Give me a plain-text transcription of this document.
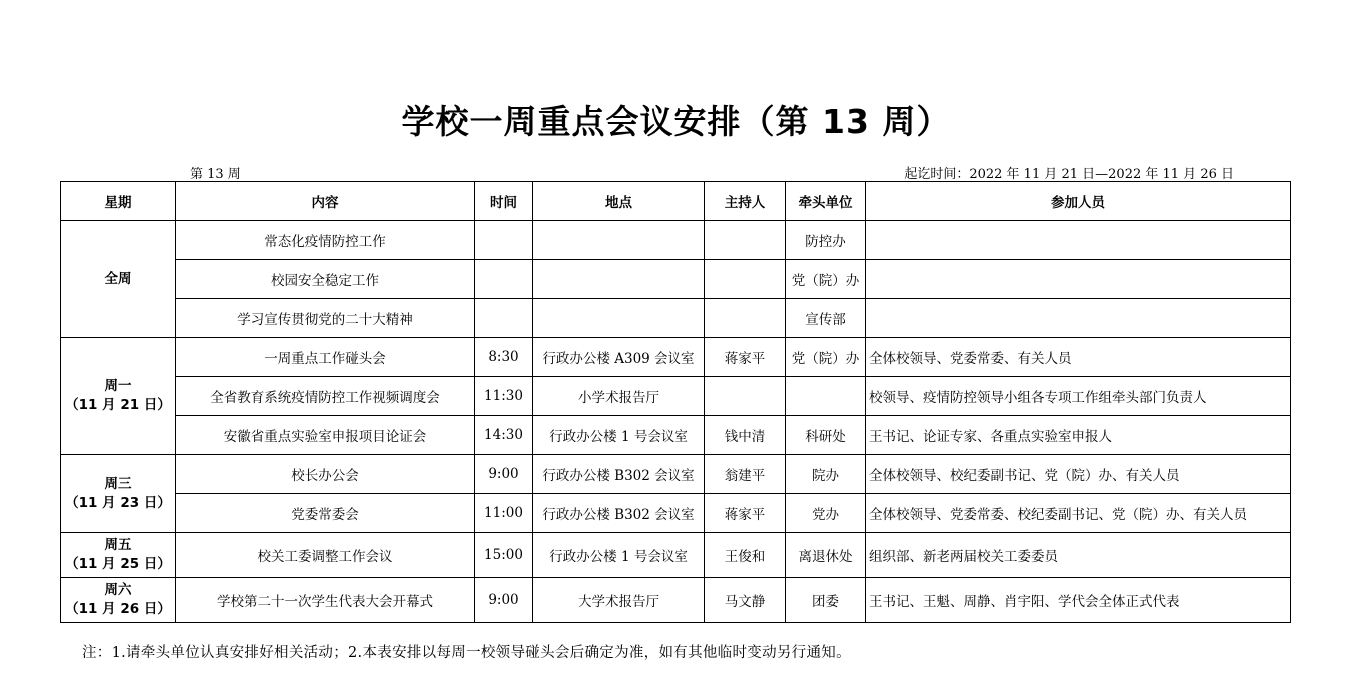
学校一周重点会议安排（第 13 周）
第 13 周	起讫时间：2022 年 11 月 21 日—2022 年 11 月 26 日
星期	内容	时间	地点	主持人	牵头单位	参加人员

全周	常态化疫情防控工作				防控办	
	校园安全稳定工作				党（院）办	
	学习宣传贯彻党的二十大精神				宣传部	

周一
（11 月 21 日）	一周重点工作碰头会	8:30	行政办公楼 A309 会议室	蒋家平	党（院）办	全体校领导、党委常委、有关人员
	全省教育系统疫情防控工作视频调度会	11:30	小学术报告厅			校领导、疫情防控领导小组各专项工作组牵头部门负责人
	安徽省重点实验室申报项目论证会	14:30	行政办公楼 1 号会议室	钱中清	科研处	王书记、论证专家、各重点实验室申报人

周三
（11 月 23 日）	校长办公会	9:00	行政办公楼 B302 会议室	翁建平	院办	全体校领导、校纪委副书记、党（院）办、有关人员
	党委常委会	11:00	行政办公楼 B302 会议室	蒋家平	党办	全体校领导、党委常委、校纪委副书记、党（院）办、有关人员

周五
（11 月 25 日）	校关工委调整工作会议	15:00	行政办公楼 1 号会议室	王俊和	离退休处	组织部、新老两届校关工委委员

周六
（11 月 26 日）	学校第二十一次学生代表大会开幕式	9:00	大学术报告厅	马文静	团委	王书记、王魁、周静、肖宇阳、学代会全体正式代表
注：1.请牵头单位认真安排好相关活动；2.本表安排以每周一校领导碰头会后确定为准，如有其他临时变动另行通知。
